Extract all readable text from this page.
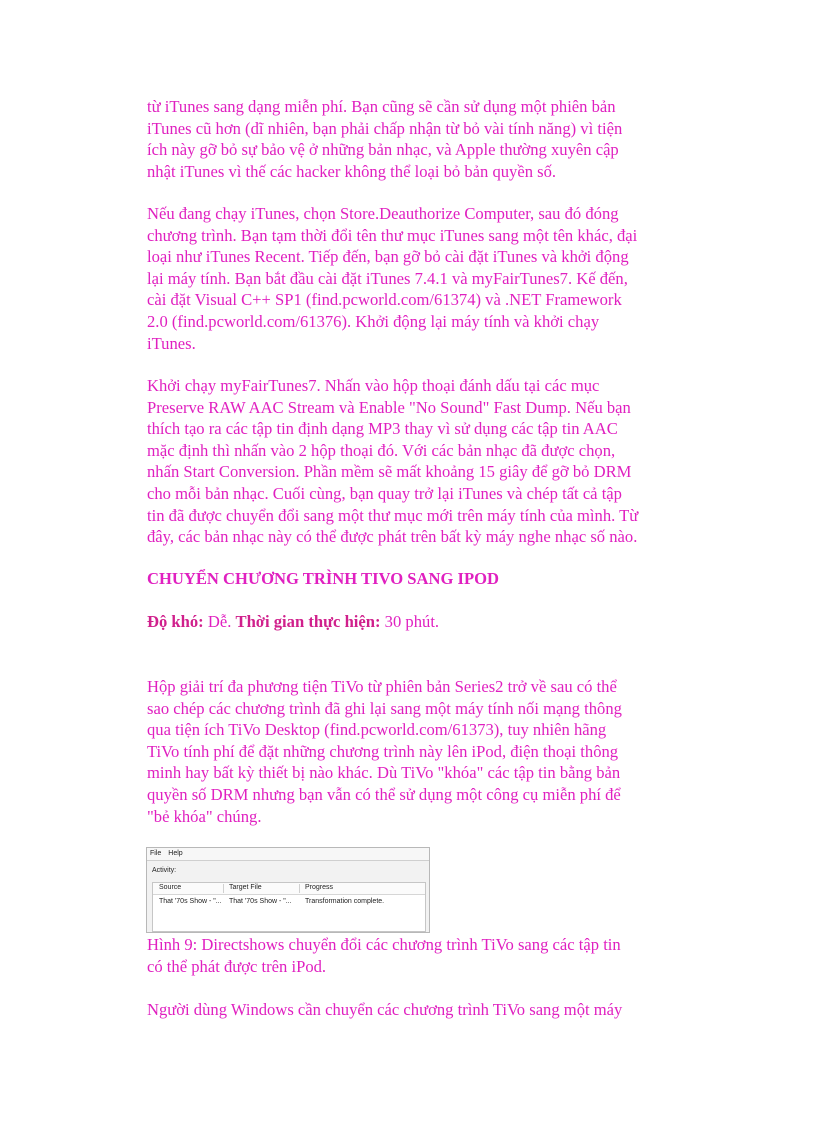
từ iTunes sang dạng miễn phí. Bạn cũng sẽ cần sử dụng một phiên bản
iTunes cũ hơn (dĩ nhiên, bạn phải chấp nhận từ bỏ vài tính năng) vì tiện
ích này gỡ bỏ sự bảo vệ ở những bản nhạc, và Apple thường xuyên cập
nhật iTunes vì thế các hacker không thể loại bỏ bản quyền số.

Nếu đang chạy iTunes, chọn Store.Deauthorize Computer, sau đó đóng
chương trình. Bạn tạm thời đổi tên thư mục iTunes sang một tên khác, đại
loại như iTunes Recent. Tiếp đến, bạn gỡ bỏ cài đặt iTunes và khởi động
lại máy tính. Bạn bắt đầu cài đặt iTunes 7.4.1 và myFairTunes7. Kế đến,
cài đặt Visual C++ SP1 (find.pcworld.com/61374) và .NET Framework
2.0 (find.pcworld.com/61376). Khởi động lại máy tính và khởi chạy
iTunes.

Khởi chạy myFairTunes7. Nhấn vào hộp thoại đánh dấu tại các mục
Preserve RAW AAC Stream và Enable "No Sound" Fast Dump. Nếu bạn
thích tạo ra các tập tin định dạng MP3 thay vì sử dụng các tập tin AAC
mặc định thì nhấn vào 2 hộp thoại đó. Với các bản nhạc đã được chọn,
nhấn Start Conversion. Phần mềm sẽ mất khoảng 15 giây để gỡ bỏ DRM
cho mỗi bản nhạc. Cuối cùng, bạn quay trở lại iTunes và chép tất cả tập
tin đã được chuyển đổi sang một thư mục mới trên máy tính của mình. Từ
đây, các bản nhạc này có thể được phát trên bất kỳ máy nghe nhạc số nào.

CHUYỂN CHƯƠNG TRÌNH TIVO SANG IPOD

Độ khó: Dễ. Thời gian thực hiện: 30 phút.

Hộp giải trí đa phương tiện TiVo từ phiên bản Series2 trở về sau có thể
sao chép các chương trình đã ghi lại sang một máy tính nối mạng thông
qua tiện ích TiVo Desktop (find.pcworld.com/61373), tuy nhiên hãng
TiVo tính phí để đặt những chương trình này lên iPod, điện thoại thông
minh hay bất kỳ thiết bị nào khác. Dù TiVo "khóa" các tập tin bằng bản
quyền số DRM nhưng bạn vẫn có thể sử dụng một công cụ miễn phí để
"bẻ khóa" chúng.

File Help
Activity:
Source	Target File	Progress
That '70s Show - "... That '70s Show - "... Transformation complete.

Hình 9: Directshows chuyển đổi các chương trình TiVo sang các tập tin
có thể phát được trên iPod.

Người dùng Windows cần chuyển các chương trình TiVo sang một máy
